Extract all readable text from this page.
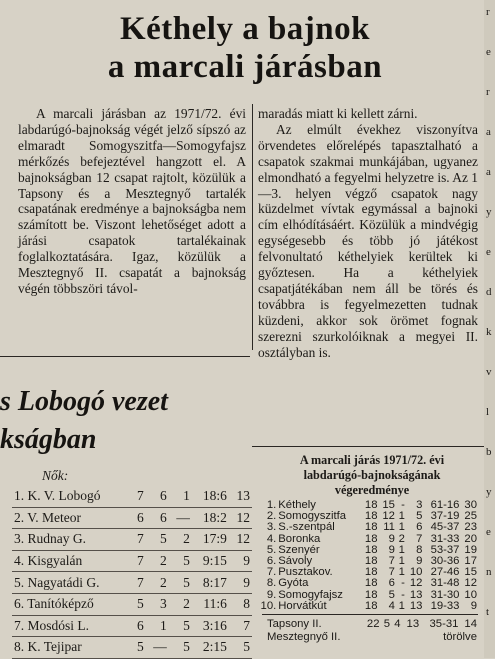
Kéthely a bajnok
a marcali járásban

A marcali járásban az 1971/72. évi labdarúgó-bajnokság végét jelző sípszó az elmaradt Somogyszitfa—Somogyfajsz mérkőzés befejeztével hangzott el. A bajnokságban 12 csapat rajtolt, közülük a Tapsony és a Mesztegnyő tartalék csapatának eredménye a bajnokságba nem számított be. Viszont lehetőséget adott a járási csapatok tartalékainak foglalkoztatására. Igaz, közülük a Mesztegnyő II. csapatát a bajnokság végén többszöri távol-

maradás miatt ki kellett zárni.

Az elmúlt évekhez viszonyítva örvendetes előrelépés tapasztalható a csapatok szakmai munkájában, ugyanez elmondható a fegyelmi helyzetre is. Az 1—3. helyen végző csapatok nagy küzdelmet vívtak egymással a bajnoki cím elhódításáért. Közülük a mindvégig egységesebb és több jó játékost felvonultató kéthelyiek kerültek ki győztesen. Ha a kéthelyiek csapatjátékában nem áll be törés és továbbra is fegyelmezetten tudnak küzdeni, akkor sok örömet fognak szerezni szurkolóiknak a megyei II. osztályban is.

s Lobogó vezet
kságban
Nők:
1. K. V. Lobogó	7	6	1	18:6	13
2. V. Meteor	6	6	—	18:2	12
3. Rudnay G.	7	5	2	17:9	12
4. Kisgyalán	7	2	5	9:15	9
5. Nagyatádi G.	7	2	5	8:17	9
6. Tanítóképző	5	3	2	11:6	8
7. Mosdósi L.	6	1	5	3:16	7
8. K. Tejipar	5	—	5	2:15	5
A marcali járás 1971/72. évi
labdarúgó-bajnokságának
végeredménye
1.	Kéthely	18	15	-	3	61-16	30
2.	Somogyszitfa	18	12	1	5	37-19	25
3.	S.-szentpál	18	11	1	6	45-37	23
4.	Boronka	18	9	2	7	31-33	20
5.	Szenyér	18	9	1	8	53-37	19
6.	Sávoly	18	7	1	9	30-36	17
7.	Pusztakov.	18	7	1	10	27-46	15
8.	Gyóta	18	6	-	12	31-48	12
9.	Somogyfajsz	18	5	-	13	31-30	10
10.	Horvátkút	18	4	1	13	19-33	9
Tapsony II.	22	5	4	13	35-31	14
Mesztegnyő II.	törölve					
r
e
r
a
a
y
e
d
k
v
l
b
y
e
n
t
